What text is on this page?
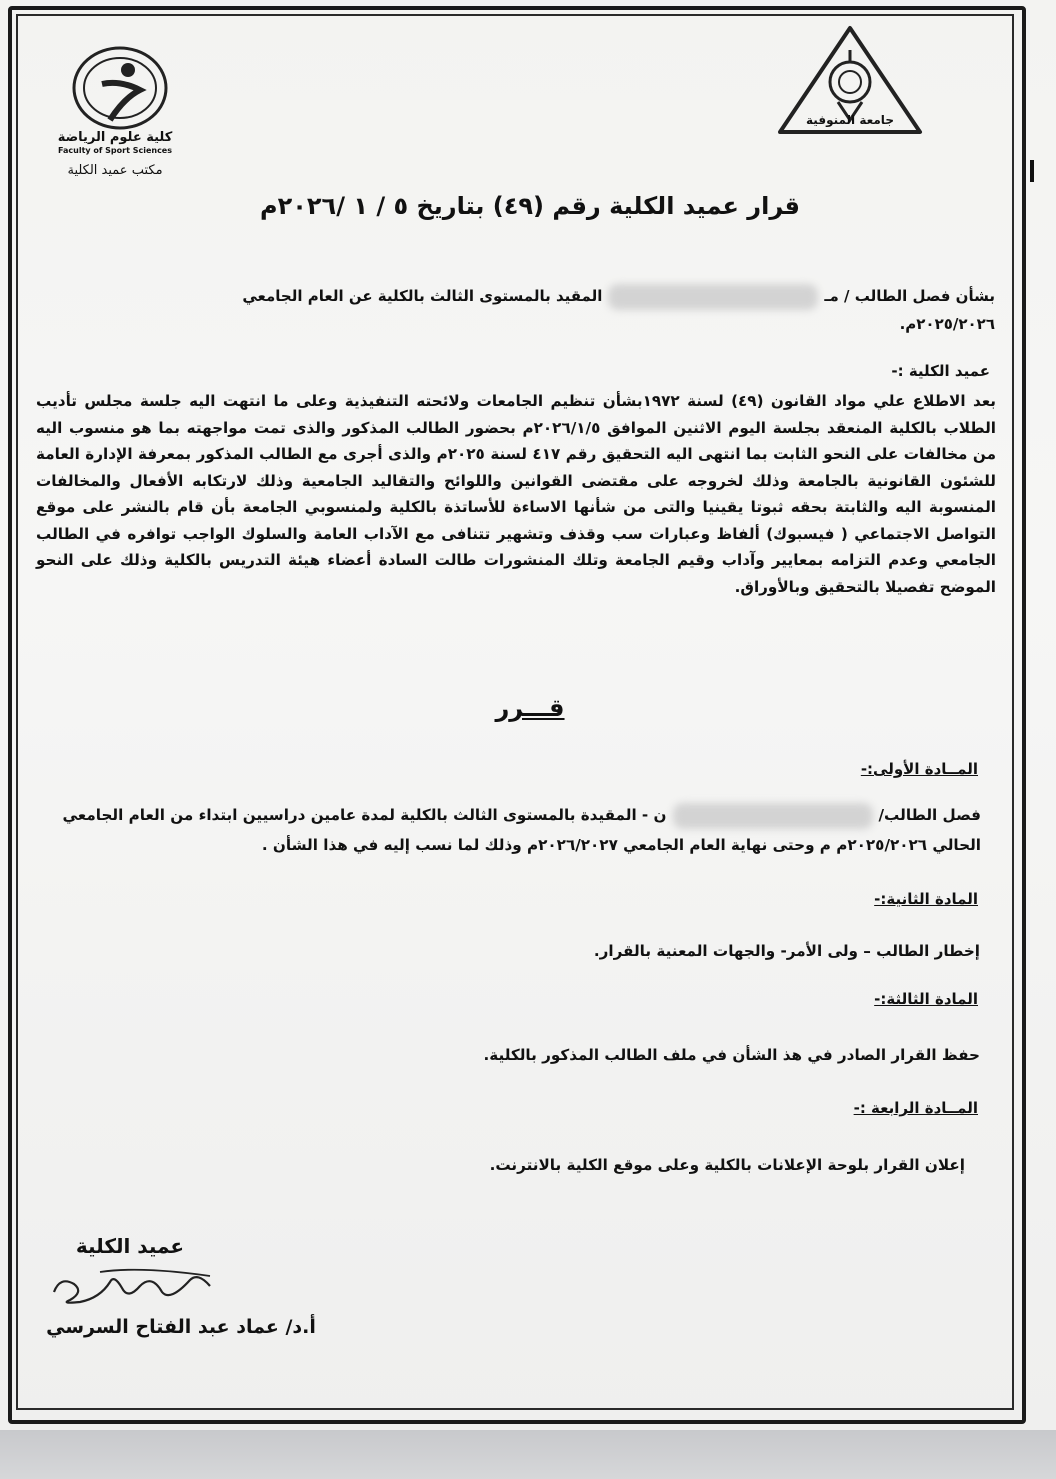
جامعة المنوفية
كلية علوم الرياضة
Faculty of Sport Sciences
مكتب عميد الكلية
قرار عميد الكلية رقم (٤٩) بتاريخ ٥ / ١ /٢٠٢٦م
بشأن فصل الطالب / مـالمقيد بالمستوى الثالث بالكلية عن العام الجامعي
٢٠٢٥/٢٠٢٦م.
عميد الكلية :-
بعد الاطلاع علي مواد القانون (٤٩) لسنة ١٩٧٢بشأن تنظيم الجامعات ولائحته التنفيذية وعلى ما انتهت اليه جلسة مجلس تأديب الطلاب بالكلية المنعقد بجلسة اليوم الاثنين الموافق ٢٠٢٦/١/٥م بحضور الطالب المذكور والذى تمت مواجهته بما هو منسوب اليه من مخالفات على النحو الثابت بما انتهى اليه التحقيق رقم ٤١٧ لسنة ٢٠٢٥م والذى أجرى مع الطالب المذكور بمعرفة الإدارة العامة للشئون القانونية بالجامعة وذلك لخروجه على مقتضى القوانين واللوائح والتقاليد الجامعية وذلك لارتكابه الأفعال والمخالفات المنسوبة اليه والثابتة بحقه ثبوتا يقينيا والتى من شأنها الاساءة للأساتذة بالكلية ولمنسوبي الجامعة بأن قام بالنشر على موقع التواصل الاجتماعي ( فيسبوك) ألفاظ وعبارات سب وقذف وتشهير تتنافى مع الآداب العامة والسلوك الواجب توافره في الطالب الجامعي وعدم التزامه بمعايير وآداب وقيم الجامعة وتلك المنشورات طالت السادة أعضاء هيئة التدريس بالكلية وذلك على النحو الموضح تفصيلا بالتحقيق وبالأوراق.
قـــرر
المــادة الأولى:-
فصل الطالب/ن - المقيدة بالمستوى الثالث بالكلية لمدة عامين دراسيين ابتداء من العام الجامعي الحالي ٢٠٢٥/٢٠٢٦م م وحتى نهاية العام الجامعي ٢٠٢٦/٢٠٢٧م وذلك لما نسب إليه في هذا الشأن .
المادة الثانية:-
إخطار الطالب – ولى الأمر- والجهات المعنية بالقرار.
المادة الثالثة:-
حفظ القرار الصادر في هذ الشأن في ملف الطالب المذكور بالكلية.
المــادة الرابعة :-
إعلان القرار بلوحة الإعلانات بالكلية وعلى موقع الكلية بالانترنت.
عميد الكلية
أ.د/ عماد عبد الفتاح السرسي
